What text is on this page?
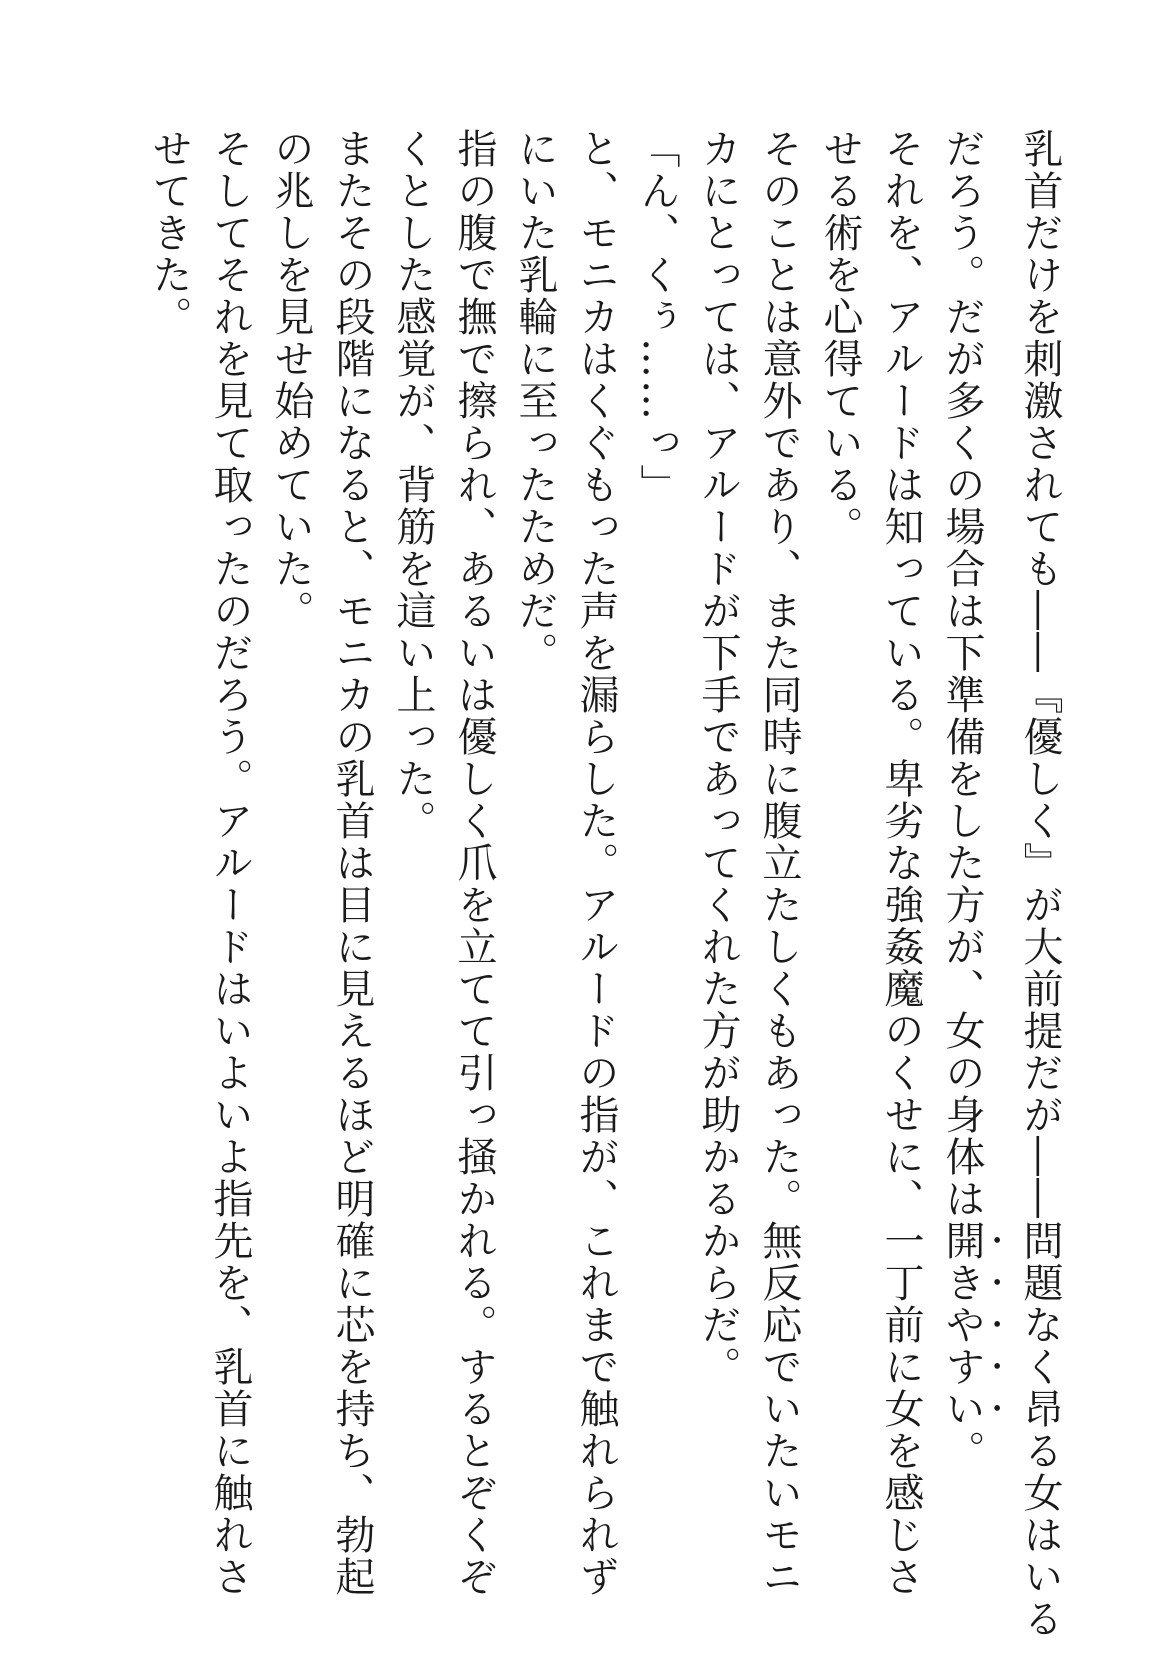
乳首だけを刺激されても――『優しく』が大前提だが――問題なく昂る女はいる
だろう。だが多くの場合は下準備をした方が、女の身体は開きやすい。
それを、アルードは知っている。卑劣な強姦魔のくせに、一丁前に女を感じさ
せる術を心得ている。
そのことは意外であり、また同時に腹立たしくもあった。無反応でいたいモニ
カにとっては、アルードが下手であってくれた方が助かるからだ。
「ん、くぅ……っ」
と、モニカはくぐもった声を漏らした。アルードの指が、これまで触れられず
にいた乳輪に至ったためだ。
指の腹で撫で擦られ、あるいは優しく爪を立てて引っ掻かれる。するとぞくぞ
くとした感覚が、背筋を這い上った。
またその段階になると、モニカの乳首は目に見えるほど明確に芯を持ち、勃起
の兆しを見せ始めていた。
そしてそれを見て取ったのだろう。アルードはいよいよ指先を、乳首に触れさ
せてきた。
